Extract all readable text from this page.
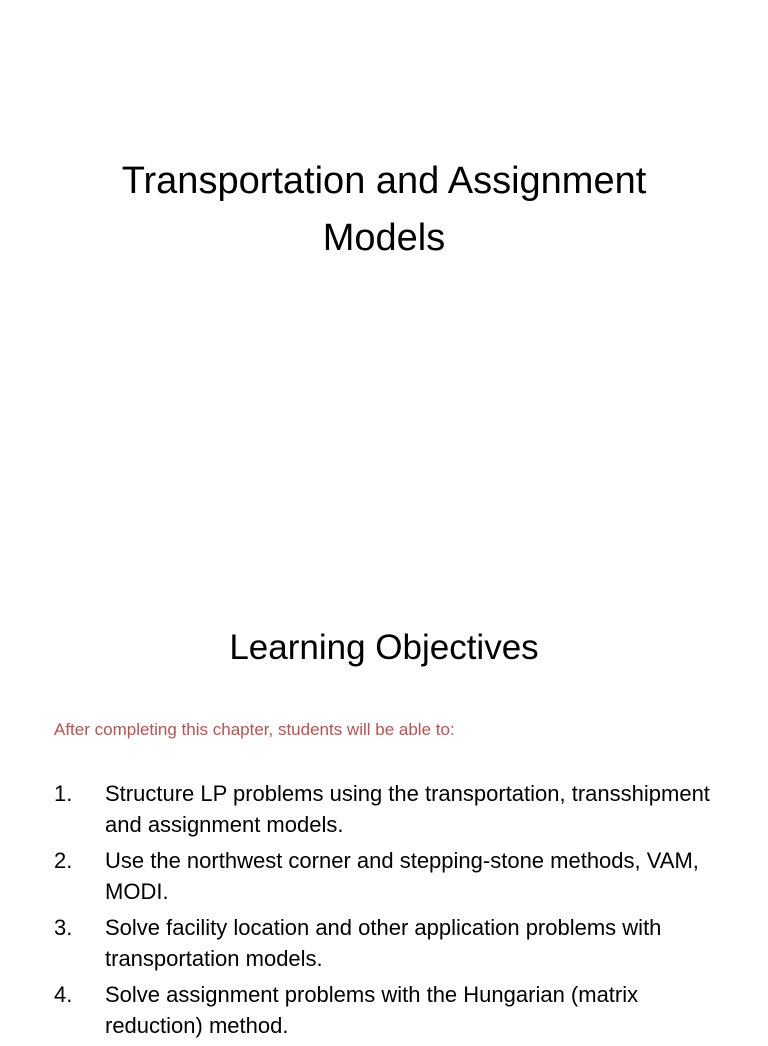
Transportation and Assignment
Models
Learning Objectives

After completing this chapter, students will be able to:

1. Structure LP problems using the transportation, transshipment and assignment models.
2. Use the northwest corner and stepping-stone methods, VAM, MODI.
3. Solve facility location and other application problems with transportation models.
4. Solve assignment problems with the Hungarian (matrix reduction) method.
